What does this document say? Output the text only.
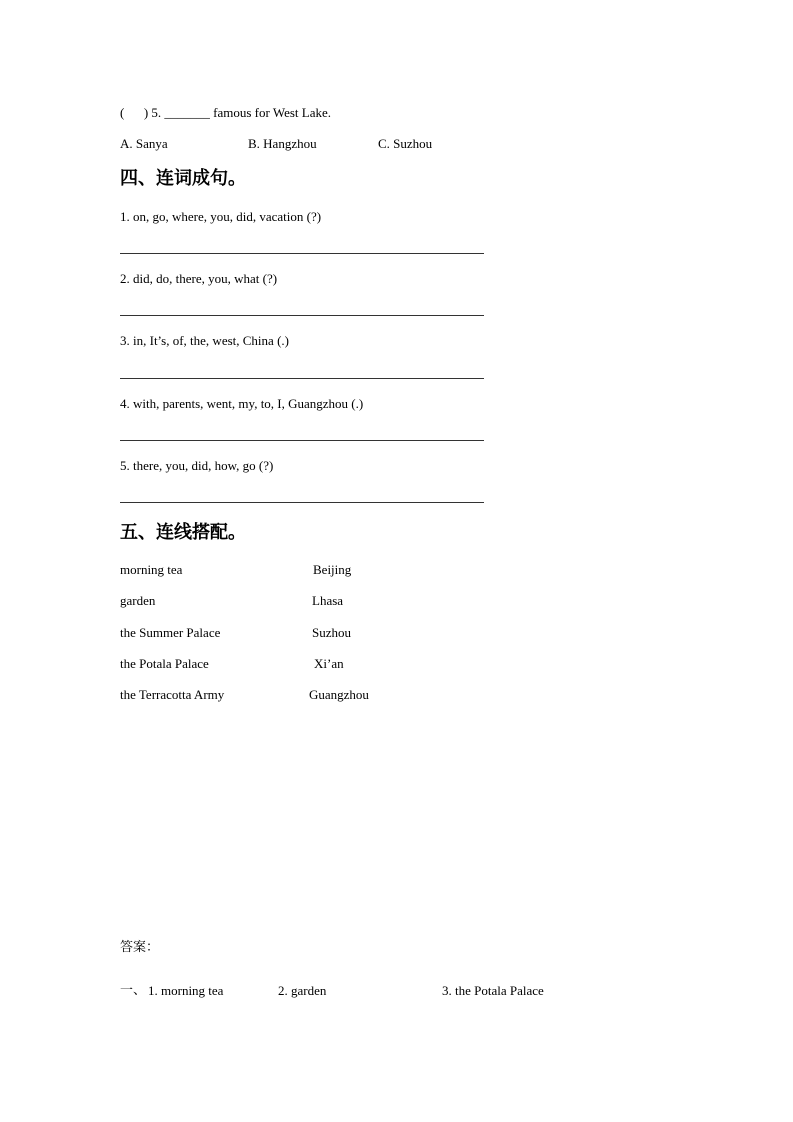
(      ) 5. _______ famous for West Lake.
A. Sanya	B. Hangzhou	C. Suzhou
四、连词成句。
1. on, go, where, you, did, vacation (?)
2. did, do, there, you, what (?)
3. in, It’s, of, the, west, China (.)
4. with, parents, went, my, to, I, Guangzhou (.)
5. there, you, did, how, go (?)
五、连线搭配。
morning tea	Beijing
garden	Lhasa
the Summer Palace	Suzhou
the Potala Palace	Xi’an
the Terracotta Army	Guangzhou
答案：
一、 1. morning tea	2. garden	3. the Potala Palace
